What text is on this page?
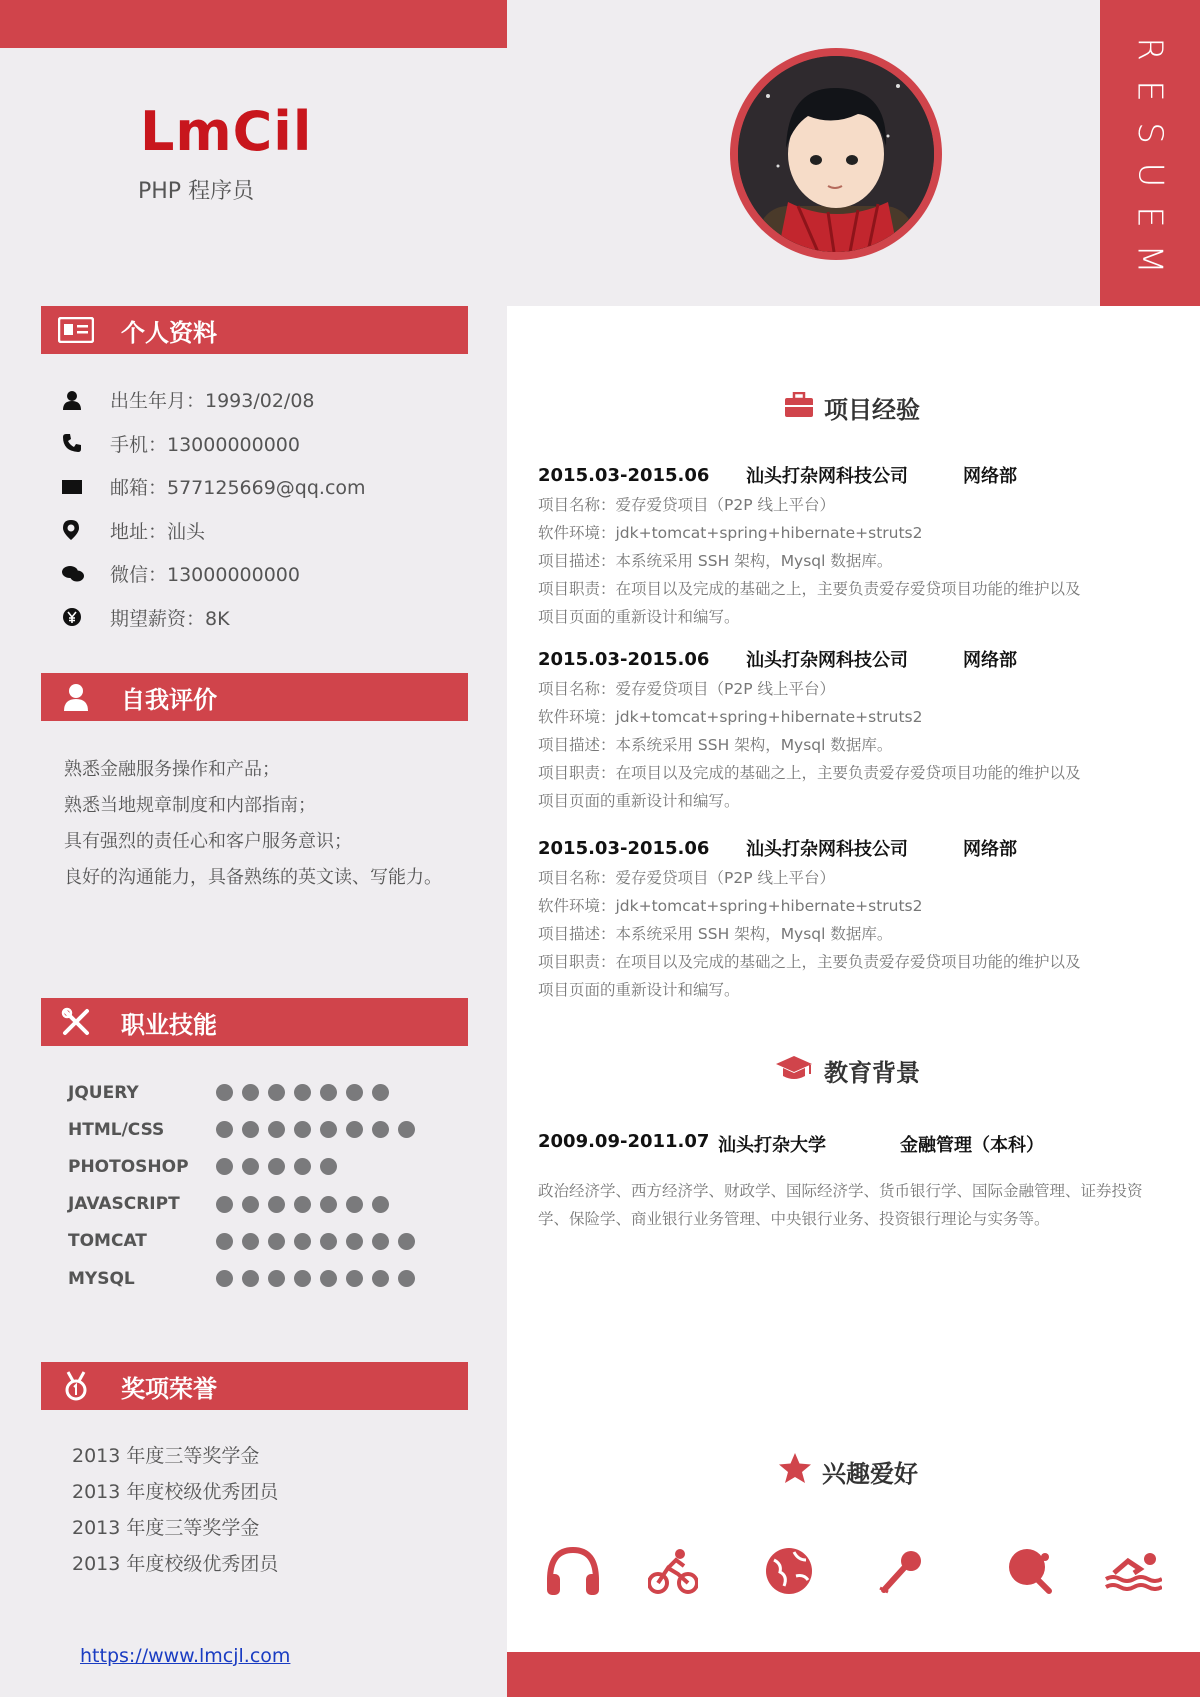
R
E
S
U
E
M
LmCil
PHP 程序员
个人资料
出生年月：1993/02/08
手机：13000000000
邮箱：577125669@qq.com
地址：汕头
微信：13000000000
期望薪资：8K
自我评价
熟悉金融服务操作和产品；
熟悉当地规章制度和内部指南；
具有强烈的责任心和客户服务意识；
良好的沟通能力，具备熟练的英文读、写能力。
职业技能
JQUERY
HTML/CSS
PHOTOSHOP
JAVASCRIPT
TOMCAT
MYSQL
奖项荣誉
2013 年度三等奖学金
2013 年度校级优秀团员
2013 年度三等奖学金
2013 年度校级优秀团员
https://www.lmcjl.com
项目经验
2015.03-2015.06	汕头打杂网科技公司	网络部
项目名称：爱存爱贷项目（P2P 线上平台）
软件环境：jdk+tomcat+spring+hibernate+struts2
项目描述：本系统采用 SSH 架构，Mysql 数据库。
项目职责：在项目以及完成的基础之上，主要负责爱存爱贷项目功能的维护以及
项目页面的重新设计和编写。
2015.03-2015.06	汕头打杂网科技公司	网络部
项目名称：爱存爱贷项目（P2P 线上平台）
软件环境：jdk+tomcat+spring+hibernate+struts2
项目描述：本系统采用 SSH 架构，Mysql 数据库。
项目职责：在项目以及完成的基础之上，主要负责爱存爱贷项目功能的维护以及
项目页面的重新设计和编写。
2015.03-2015.06	汕头打杂网科技公司	网络部
项目名称：爱存爱贷项目（P2P 线上平台）
软件环境：jdk+tomcat+spring+hibernate+struts2
项目描述：本系统采用 SSH 架构，Mysql 数据库。
项目职责：在项目以及完成的基础之上，主要负责爱存爱贷项目功能的维护以及
项目页面的重新设计和编写。
教育背景
2009.09-2011.07 汕头打杂大学	金融管理（本科）
政治经济学、西方经济学、财政学、国际经济学、货币银行学、国际金融管理、证券投资学、保险学、商业银行业务管理、中央银行业务、投资银行理论与实务等。
兴趣爱好
